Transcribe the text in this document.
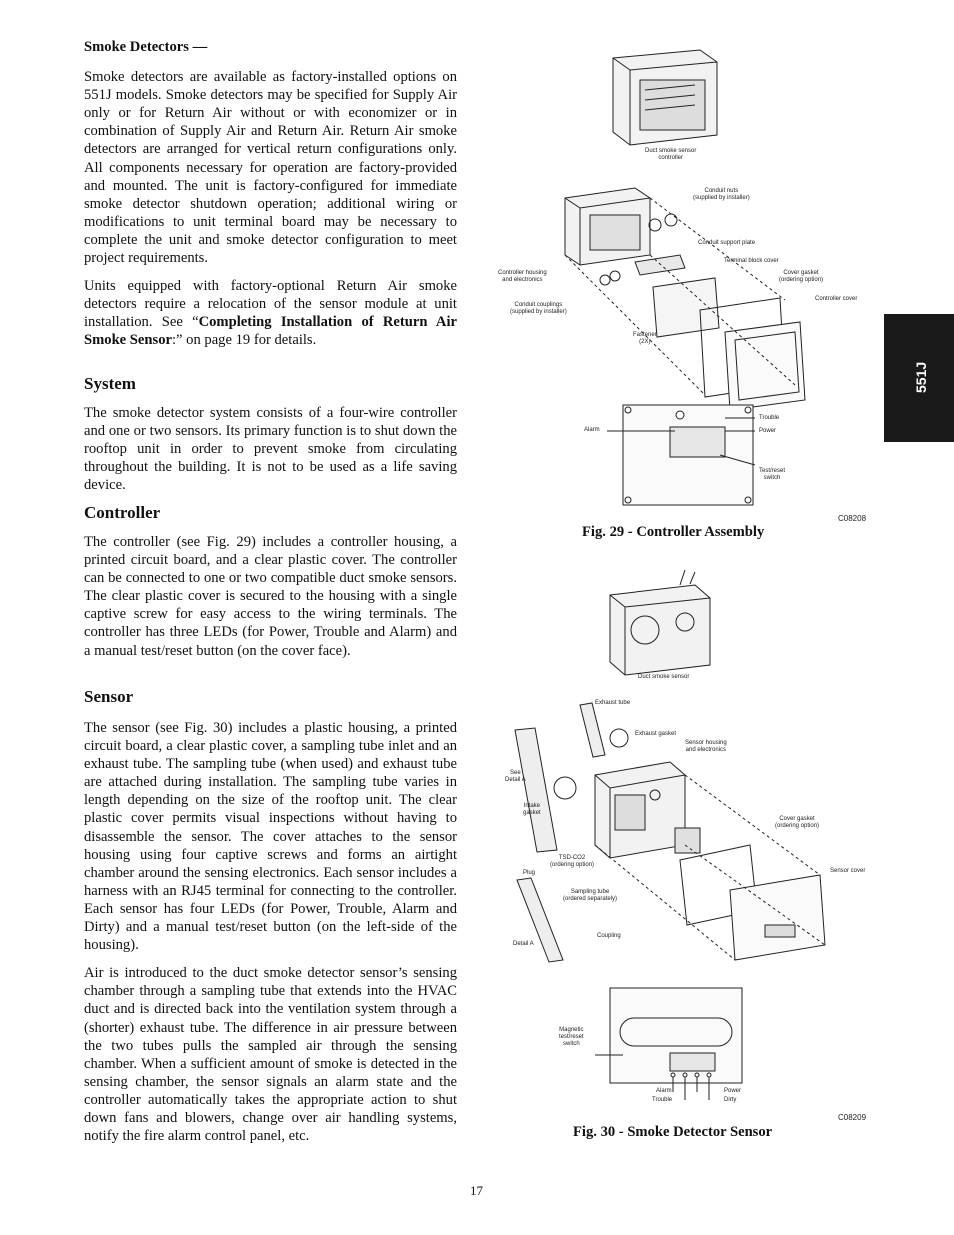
Smoke Detectors —

Smoke detectors are available as factory-installed options on 551J models. Smoke detectors may be specified for Supply Air only or for Return Air without or with economizer or in combination of Supply Air and Return Air. Return Air smoke detectors are arranged for vertical return configurations only. All components necessary for operation are factory-provided and mounted. The unit is factory-configured for immediate smoke detector shutdown operation; additional wiring or modifications to unit terminal board may be necessary to complete the unit and smoke detector configuration to meet project requirements.

Units equipped with factory-optional Return Air smoke detectors require a relocation of the sensor module at unit installation. See “Completing Installation of Return Air Smoke Sensor:” on page 19 for details.

System

The smoke detector system consists of a four-wire controller and one or two sensors. Its primary function is to shut down the rooftop unit in order to prevent smoke from circulating throughout the building. It is not to be used as a life saving device.

Controller

The controller (see Fig. 29) includes a controller housing, a printed circuit board, and a clear plastic cover. The controller can be connected to one or two compatible duct smoke sensors. The clear plastic cover is secured to the housing with a single captive screw for easy access to the wiring terminals. The controller has three LEDs (for Power, Trouble and Alarm) and a manual test/reset button (on the cover face).

Sensor

The sensor (see Fig. 30) includes a plastic housing, a printed circuit board, a clear plastic cover, a sampling tube inlet and an exhaust tube. The sampling tube (when used) and exhaust tube are attached during installation. The sampling tube varies in length depending on the size of the rooftop unit. The clear plastic cover permits visual inspections without having to disassemble the sensor. The cover attaches to the sensor housing using four captive screws and forms an airtight chamber around the sensing electronics. Each sensor includes a harness with an RJ45 terminal for connecting to the controller. Each sensor has four LEDs (for Power, Trouble, Alarm and Dirty) and a manual test/reset button (on the left-side of the housing).

Air is introduced to the duct smoke detector sensor’s sensing chamber through a sampling tube that extends into the HVAC duct and is directed back into the ventilation system through a (shorter) exhaust tube. The difference in air pressure between the two tubes pulls the sampled air through the sensing chamber. When a sufficient amount of smoke is detected in the sensing chamber, the sensor signals an alarm state and the controller automatically takes the appropriate action to shut down fans and blowers, change over air handling systems, notify the fire alarm control panel, etc.

551J
Duct smoke sensor
controller
Conduit nuts
(supplied by installer)
Conduit support plate
Terminal block cover
Controller housing
and electronics
Cover gasket
(ordering option)
Controller cover
Conduit couplings
(supplied by installer)
Fastener
(2X)
Trouble
Alarm	Power
Test/reset
switch
C08208
Fig. 29 - Controller Assembly
Duct smoke sensor
Exhaust tube
Exhaust gasket
Sensor housing
and electronics
See
Detail A
Intake
gasket
Cover gasket
(ordering option)
TSD-CO2
(ordering option)
Sensor cover
Plug
Sampling tube
(ordered separately)
Coupling
Detail A
Magnetic
test/reset
switch
Alarm
Trouble
Power
Dirty
C08209
Fig. 30 - Smoke Detector Sensor
17
